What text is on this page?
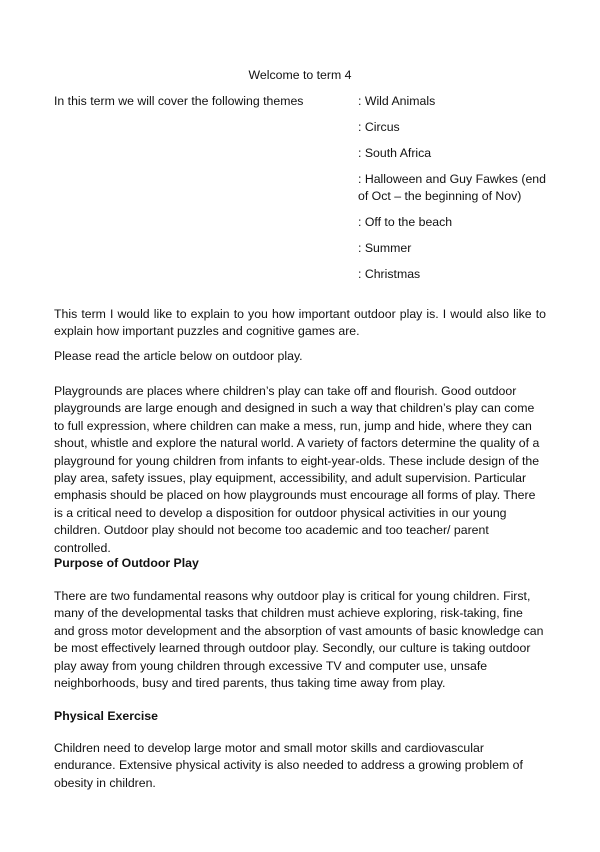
Welcome to term 4

In this term we will cover the following themes	: Wild Animals
: Circus
: South Africa
: Halloween and Guy Fawkes (end of Oct – the beginning of Nov)
: Off to the beach
: Summer
: Christmas

This term I would like to explain to you how important outdoor play is. I would also like to explain how important puzzles and cognitive games are.

Please read the article below on outdoor play.

Playgrounds are places where children’s play can take off and flourish. Good outdoor playgrounds are large enough and designed in such a way that children’s play can come to full expression, where children can make a mess, run, jump and hide, where they can shout, whistle and explore the natural world. A variety of factors determine the quality of a playground for young children from infants to eight-year-olds. These include design of the play area, safety issues, play equipment, accessibility, and adult supervision. Particular emphasis should be placed on how playgrounds must encourage all forms of play. There is a critical need to develop a disposition for outdoor physical activities in our young children. Outdoor play should not become too academic and too teacher/ parent controlled.

Purpose of Outdoor Play

There are two fundamental reasons why outdoor play is critical for young children. First, many of the developmental tasks that children must achieve exploring, risk-taking, fine and gross motor development and the absorption of vast amounts of basic knowledge can be most effectively learned through outdoor play. Secondly, our culture is taking outdoor play away from young children through excessive TV and computer use, unsafe neighborhoods, busy and tired parents, thus taking time away from play.

Physical Exercise

Children need to develop large motor and small motor skills and cardiovascular endurance. Extensive physical activity is also needed to address a growing problem of obesity in children.
